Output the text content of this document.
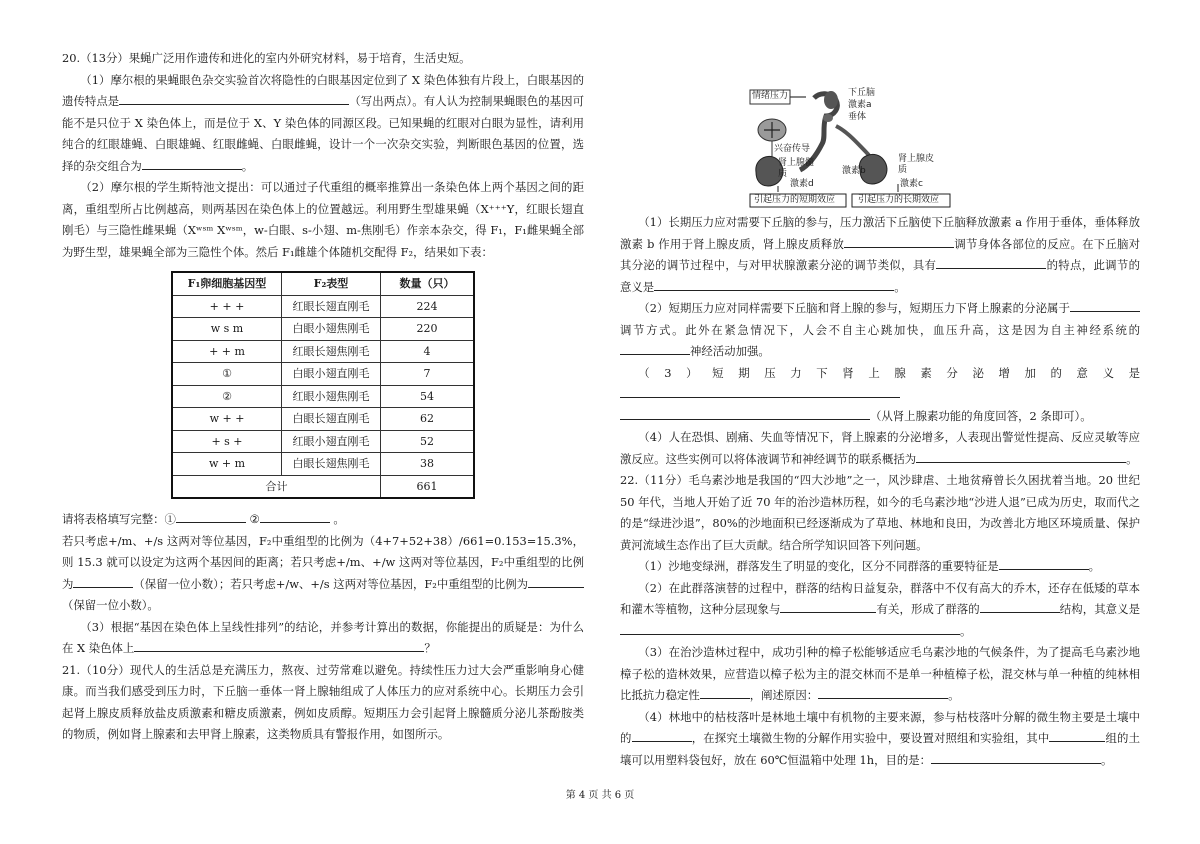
20.（13分）果蝇广泛用作遗传和进化的室内外研究材料，易于培育，生活史短。

（1）摩尔根的果蝇眼色杂交实验首次将隐性的白眼基因定位到了 X 染色体独有片段上，白眼基因的遗传特点是	（写出两点）。有人认为控制果蝇眼色的基因可能不是只位于 X 染色体上，而是位于 X、Y 染色体的同源区段。已知果蝇的红眼对白眼为显性，请利用纯合的红眼雄蝇、白眼雄蝇、红眼雌蝇、白眼雌蝇，设计一个一次杂交实验，判断眼色基因的位置，选择的杂交组合为	。

（2）摩尔根的学生斯特池文提出：可以通过子代重组的概率推算出一条染色体上两个基因之间的距离，重组型所占比例越高，则两基因在染色体上的位置越远。利用野生型雄果蝇（X⁺⁺⁺Y，红眼长翅直刚毛）与三隐性雌果蝇（Xʷˢᵐ Xʷˢᵐ，w-白眼、s-小翅、m-焦刚毛）作亲本杂交，得 F₁，F₁雌果蝇全部为野生型，雄果蝇全部为三隐性个体。然后 F₁雌雄个体随机交配得 F₂，结果如下表：

F₁卵细胞基因型	F₂表型	数量（只）
+ + +	红眼长翅直刚毛	224
w s m	白眼小翅焦刚毛	220
+ + m	红眼长翅焦刚毛	4
①	白眼小翅直刚毛	7
②	红眼小翅焦刚毛	54
w + +	白眼长翅直刚毛	62
+ s +	红眼小翅直刚毛	52
w + m	白眼长翅焦刚毛	38
合计		661

请将表格填写完整：①	②	。

若只考虑+/m、+/s 这两对等位基因，F₂中重组型的比例为（4+7+52+38）/661=0.153=15.3%，则 15.3 就可以设定为这两个基因间的距离；若只考虑+/m、+/w 这两对等位基因，F₂中重组型的比例为	（保留一位小数）；若只考虑+/w、+/s 这两对等位基因，F₂中重组型的比例为（保留一位小数）。

（3）根据“基因在染色体上呈线性排列”的结论，并参考计算出的数据，你能提出的质疑是：为什么在 X 染色体上	？

21.（10分）现代人的生活总是充满压力，熬夜、过劳常难以避免。持续性压力过大会严重影响身心健康。而当我们感受到压力时，下丘脑一垂体一肾上腺轴组成了人体压力的应对系统中心。长期压力会引起肾上腺皮质释放盐皮质激素和糖皮质激素，例如皮质醇。短期压力会引起肾上腺髓质分泌儿茶酚胺类的物质，例如肾上腺素和去甲肾上腺素，这类物质具有警报作用，如图所示。

情绪压力	下丘脑
激素a
垂体
兴奋传导
肾上腺髓质	激素b
肾上腺皮质
激素d	激素c
引起压力的短期效应	引起压力的长期效应

（1）长期压力应对需要下丘脑的参与，压力激活下丘脑使下丘脑释放激素 a 作用于垂体，垂体释放激素 b 作用于肾上腺皮质，肾上腺皮质释放	调节身体各部位的反应。在下丘脑对其分泌的调节过程中，与对甲状腺激素分泌的调节类似，具有	的特点，此调节的意义是	。

（2）短期压力应对同样需要下丘脑和肾上腺的参与，短期压力下肾上腺素的分泌属于调节方式。此外在紧急情况下，人会不自主心跳加快，血压升高，这是因为自主神经系统的神经活动加强。

（3）短期压力下肾上腺素分泌增加的意义是（从肾上腺素功能的角度回答，2 条即可）。

（4）人在恐惧、剧痛、失血等情况下，肾上腺素的分泌增多，人表现出警觉性提高、反应灵敏等应激反应。这些实例可以将体液调节和神经调节的联系概括为	。

22.（11分）毛乌素沙地是我国的“四大沙地”之一，风沙肆虐、土地贫瘠曾长久困扰着当地。20 世纪 50 年代，当地人开始了近 70 年的治沙造林历程，如今的毛乌素沙地“沙进人退”已成为历史，取而代之的是“绿进沙退”，80%的沙地面积已经逐渐成为了草地、林地和良田，为改善北方地区环境质量、保护黄河流域生态作出了巨大贡献。结合所学知识回答下列问题。

（1）沙地变绿洲，群落发生了明显的变化，区分不同群落的重要特征是	。

（2）在此群落演替的过程中，群落的结构日益复杂，群落中不仅有高大的乔木，还存在低矮的草本和灌木等植物，这种分层现象与	有关，形成了群落的	结构，其意义是。

（3）在治沙造林过程中，成功引种的樟子松能够适应毛乌素沙地的气候条件，为了提高毛乌素沙地樟子松的造林效果，应营造以樟子松为主的混交林而不是单一种植樟子松，混交林与单一种植的纯林相比抵抗力稳定性	，阐述原因：	。

（4）林地中的枯枝落叶是林地土壤中有机物的主要来源，参与枯枝落叶分解的微生物主要是土壤中的	，在探究土壤微生物的分解作用实验中，要设置对照组和实验组，其中	组的土壤可以用塑料袋包好，放在 60℃恒温箱中处理 1h，目的是：	。

第 4 页 共 6 页
